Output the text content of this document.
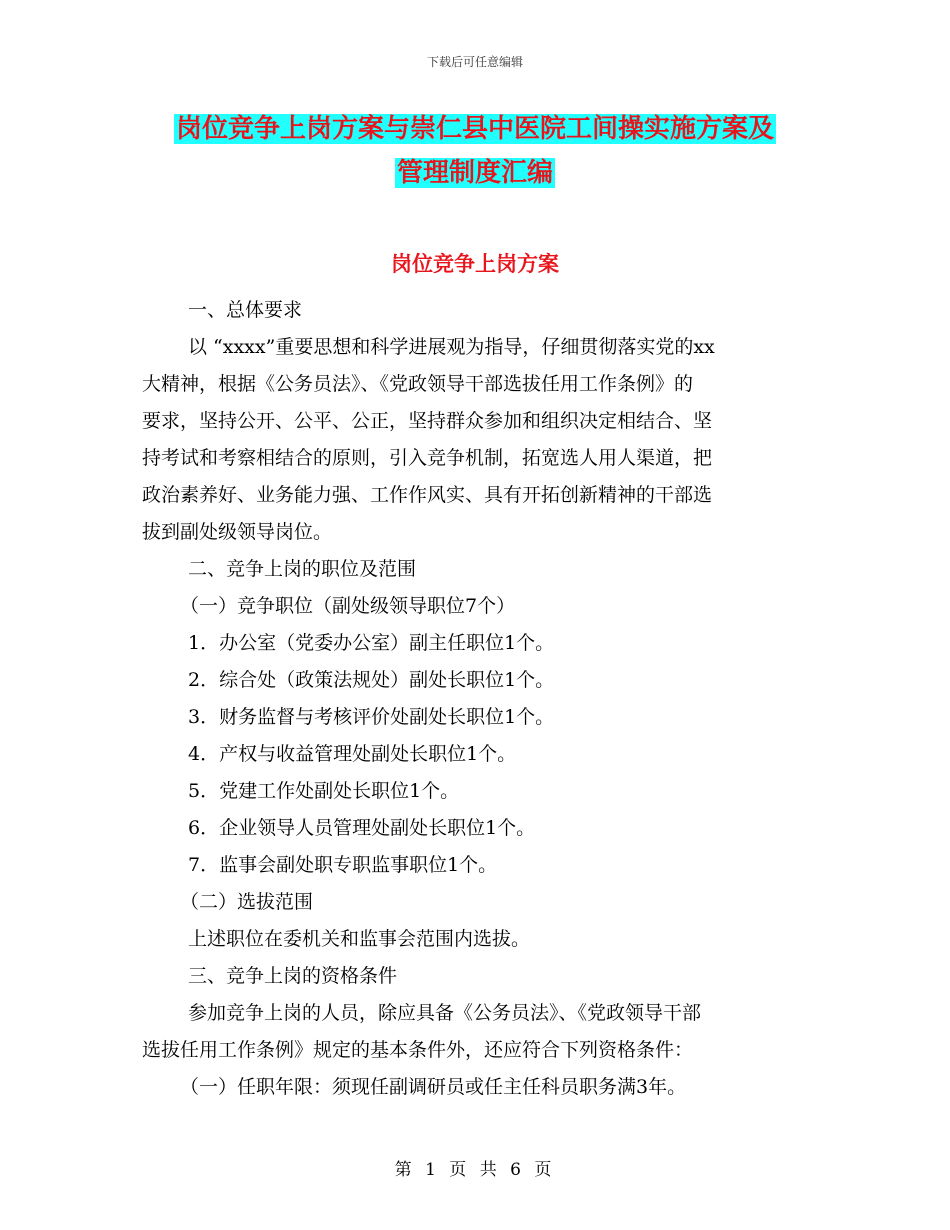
下载后可任意编辑
岗位竞争上岗方案与崇仁县中医院工间操实施方案及
管理制度汇编
岗位竞争上岗方案

一、总体要求

以 “xxxx”重要思想和科学进展观为指导，仔细贯彻落实党的xx

大精神，根据《公务员法》、《党政领导干部选拔任用工作条例》的

要求，坚持公开、公平、公正，坚持群众参加和组织决定相结合、坚

持考试和考察相结合的原则，引入竞争机制，拓宽选人用人渠道，把

政治素养好、业务能力强、工作作风实、具有开拓创新精神的干部选

拔到副处级领导岗位。

二、竞争上岗的职位及范围

（一）竞争职位（副处级领导职位7个）

1．办公室（党委办公室）副主任职位1个。

2．综合处（政策法规处）副处长职位1个。

3．财务监督与考核评价处副处长职位1个。

4．产权与收益管理处副处长职位1个。

5．党建工作处副处长职位1个。

6．企业领导人员管理处副处长职位1个。

7．监事会副处职专职监事职位1个。

（二）选拔范围

上述职位在委机关和监事会范围内选拔。

三、竞争上岗的资格条件

参加竞争上岗的人员，除应具备《公务员法》、《党政领导干部

选拔任用工作条例》规定的基本条件外，还应符合下列资格条件：

（一）任职年限：须现任副调研员或任主任科员职务满3年。

第 1 页 共 6 页
